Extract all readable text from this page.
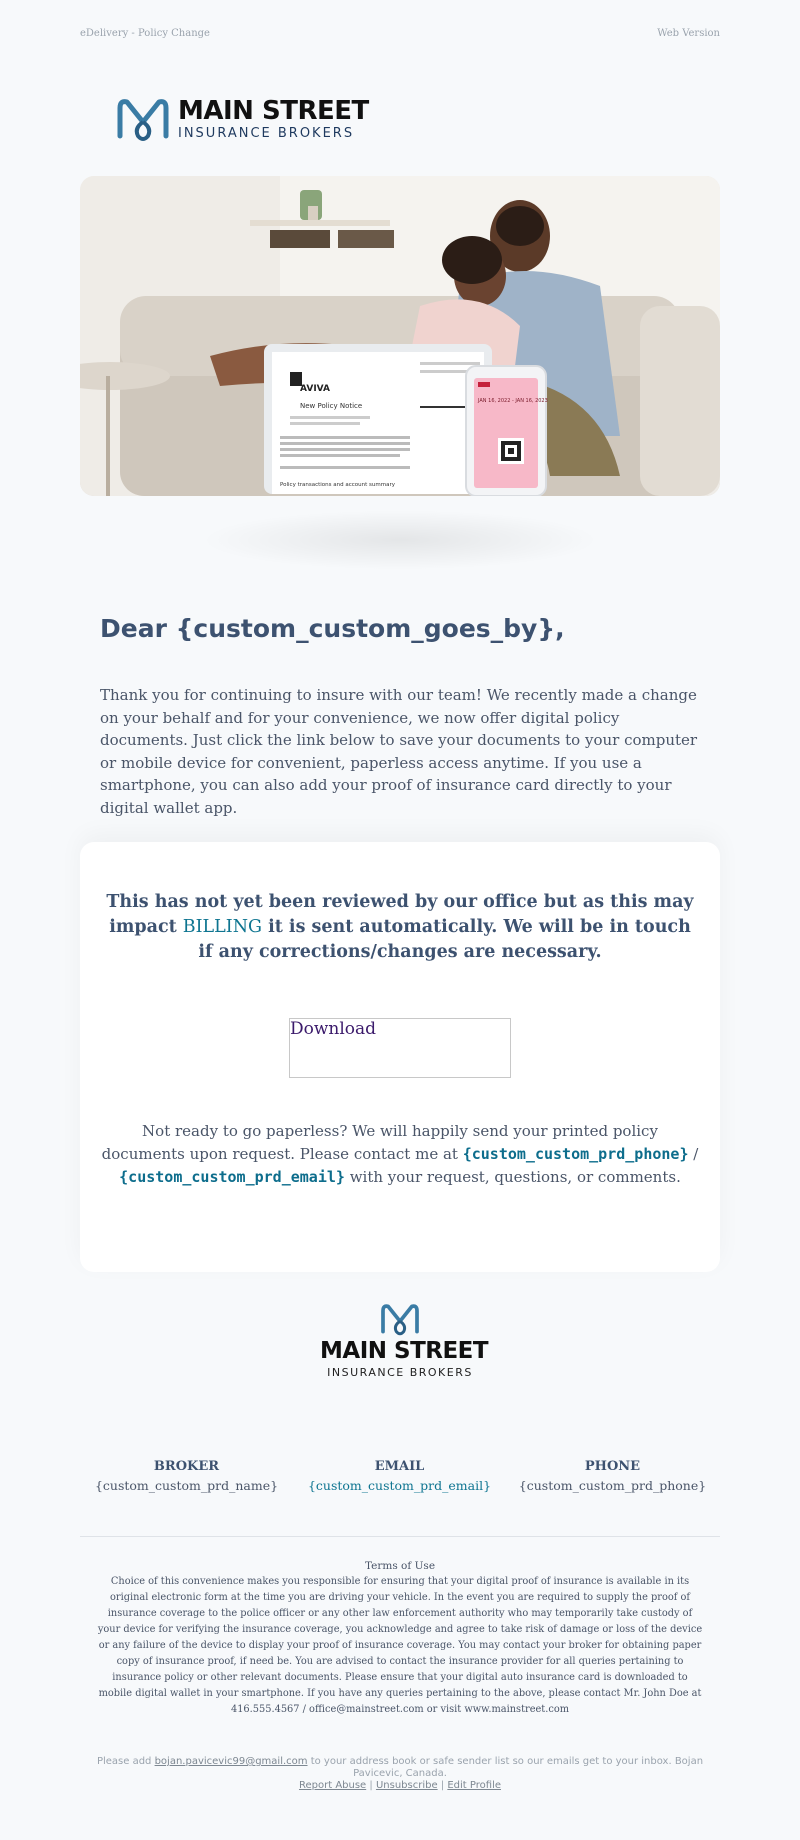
eDelivery - Policy Change	Web Version
MAIN STREET
INSURANCE BROKERS
AVIVA
New Policy Notice
Policy transactions and account summary
JAN 16, 2022 - JAN 16, 2023
Dear {custom_custom_goes_by},

Thank you for continuing to insure with our team! We recently made a change on your behalf and for your convenience, we now offer digital policy documents. Just click the link below to save your documents to your computer or mobile device for convenient, paperless access anytime. If you use a smartphone, you can also add your proof of insurance card directly to your digital wallet app.

This has not yet been reviewed by our office but as this may impact BILLING it is sent automatically. We will be in touch if any corrections/changes are necessary.

Download

Not ready to go paperless? We will happily send your printed policy documents upon request. Please contact me at {custom_custom_prd_phone} / {custom_custom_prd_email} with your request, questions, or comments.

MAIN STREET
INSURANCE BROKERS
BROKER
{custom_custom_prd_name}
EMAIL
{custom_custom_prd_email}
PHONE
{custom_custom_prd_phone}
Terms of Use

Choice of this convenience makes you responsible for ensuring that your digital proof of insurance is available in its original electronic form at the time you are driving your vehicle. In the event you are required to supply the proof of insurance coverage to the police officer or any other law enforcement authority who may temporarily take custody of your device for verifying the insurance coverage, you acknowledge and agree to take risk of damage or loss of the device or any failure of the device to display your proof of insurance coverage. You may contact your broker for obtaining paper copy of insurance proof, if need be. You are advised to contact the insurance provider for all queries pertaining to insurance policy or other relevant documents. Please ensure that your digital auto insurance card is downloaded to mobile digital wallet in your smartphone. If you have any queries pertaining to the above, please contact Mr. John Doe at 416.555.4567 / office@mainstreet.com or visit www.mainstreet.com

Please add bojan.pavicevic99@gmail.com to your address book or safe sender list so our emails get to your inbox. Bojan Pavicevic, Canada.
Report Abuse | Unsubscribe | Edit Profile
